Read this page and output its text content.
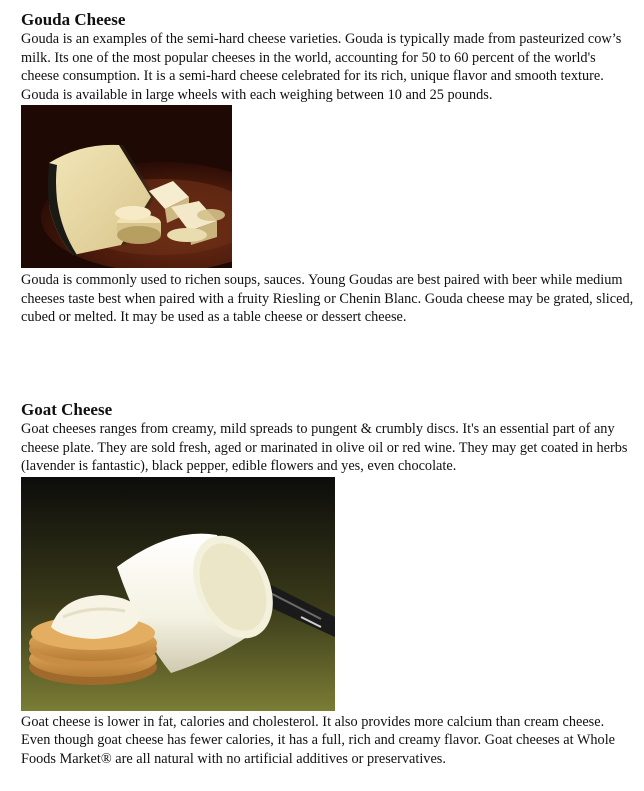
Gouda Cheese

Gouda is an examples of the semi-hard cheese varieties. Gouda is typically made from pasteurized cow’s milk. Its one of the most popular cheeses in the world, accounting for 50 to 60 percent of the world's cheese consumption. It is a semi-hard cheese celebrated for its rich, unique flavor and smooth texture. Gouda is available in large wheels with each weighing between 10 and 25 pounds.

Gouda is commonly used to richen soups, sauces. Young Goudas are best paired with beer while medium cheeses taste best when paired with a fruity Riesling or Chenin Blanc. Gouda cheese may be grated, sliced, cubed or melted. It may be used as a table cheese or dessert cheese.

Goat Cheese

Goat cheeses ranges from creamy, mild spreads to pungent & crumbly discs. It's an essential part of any cheese plate. They are sold fresh, aged or marinated in olive oil or red wine. They may get coated in herbs (lavender is fantastic), black pepper, edible flowers and yes, even chocolate.

Goat cheese is lower in fat, calories and cholesterol. It also provides more calcium than cream cheese. Even though goat cheese has fewer calories, it has a full, rich and creamy flavor. Goat cheeses at Whole Foods Market® are all natural with no artificial additives or preservatives.
